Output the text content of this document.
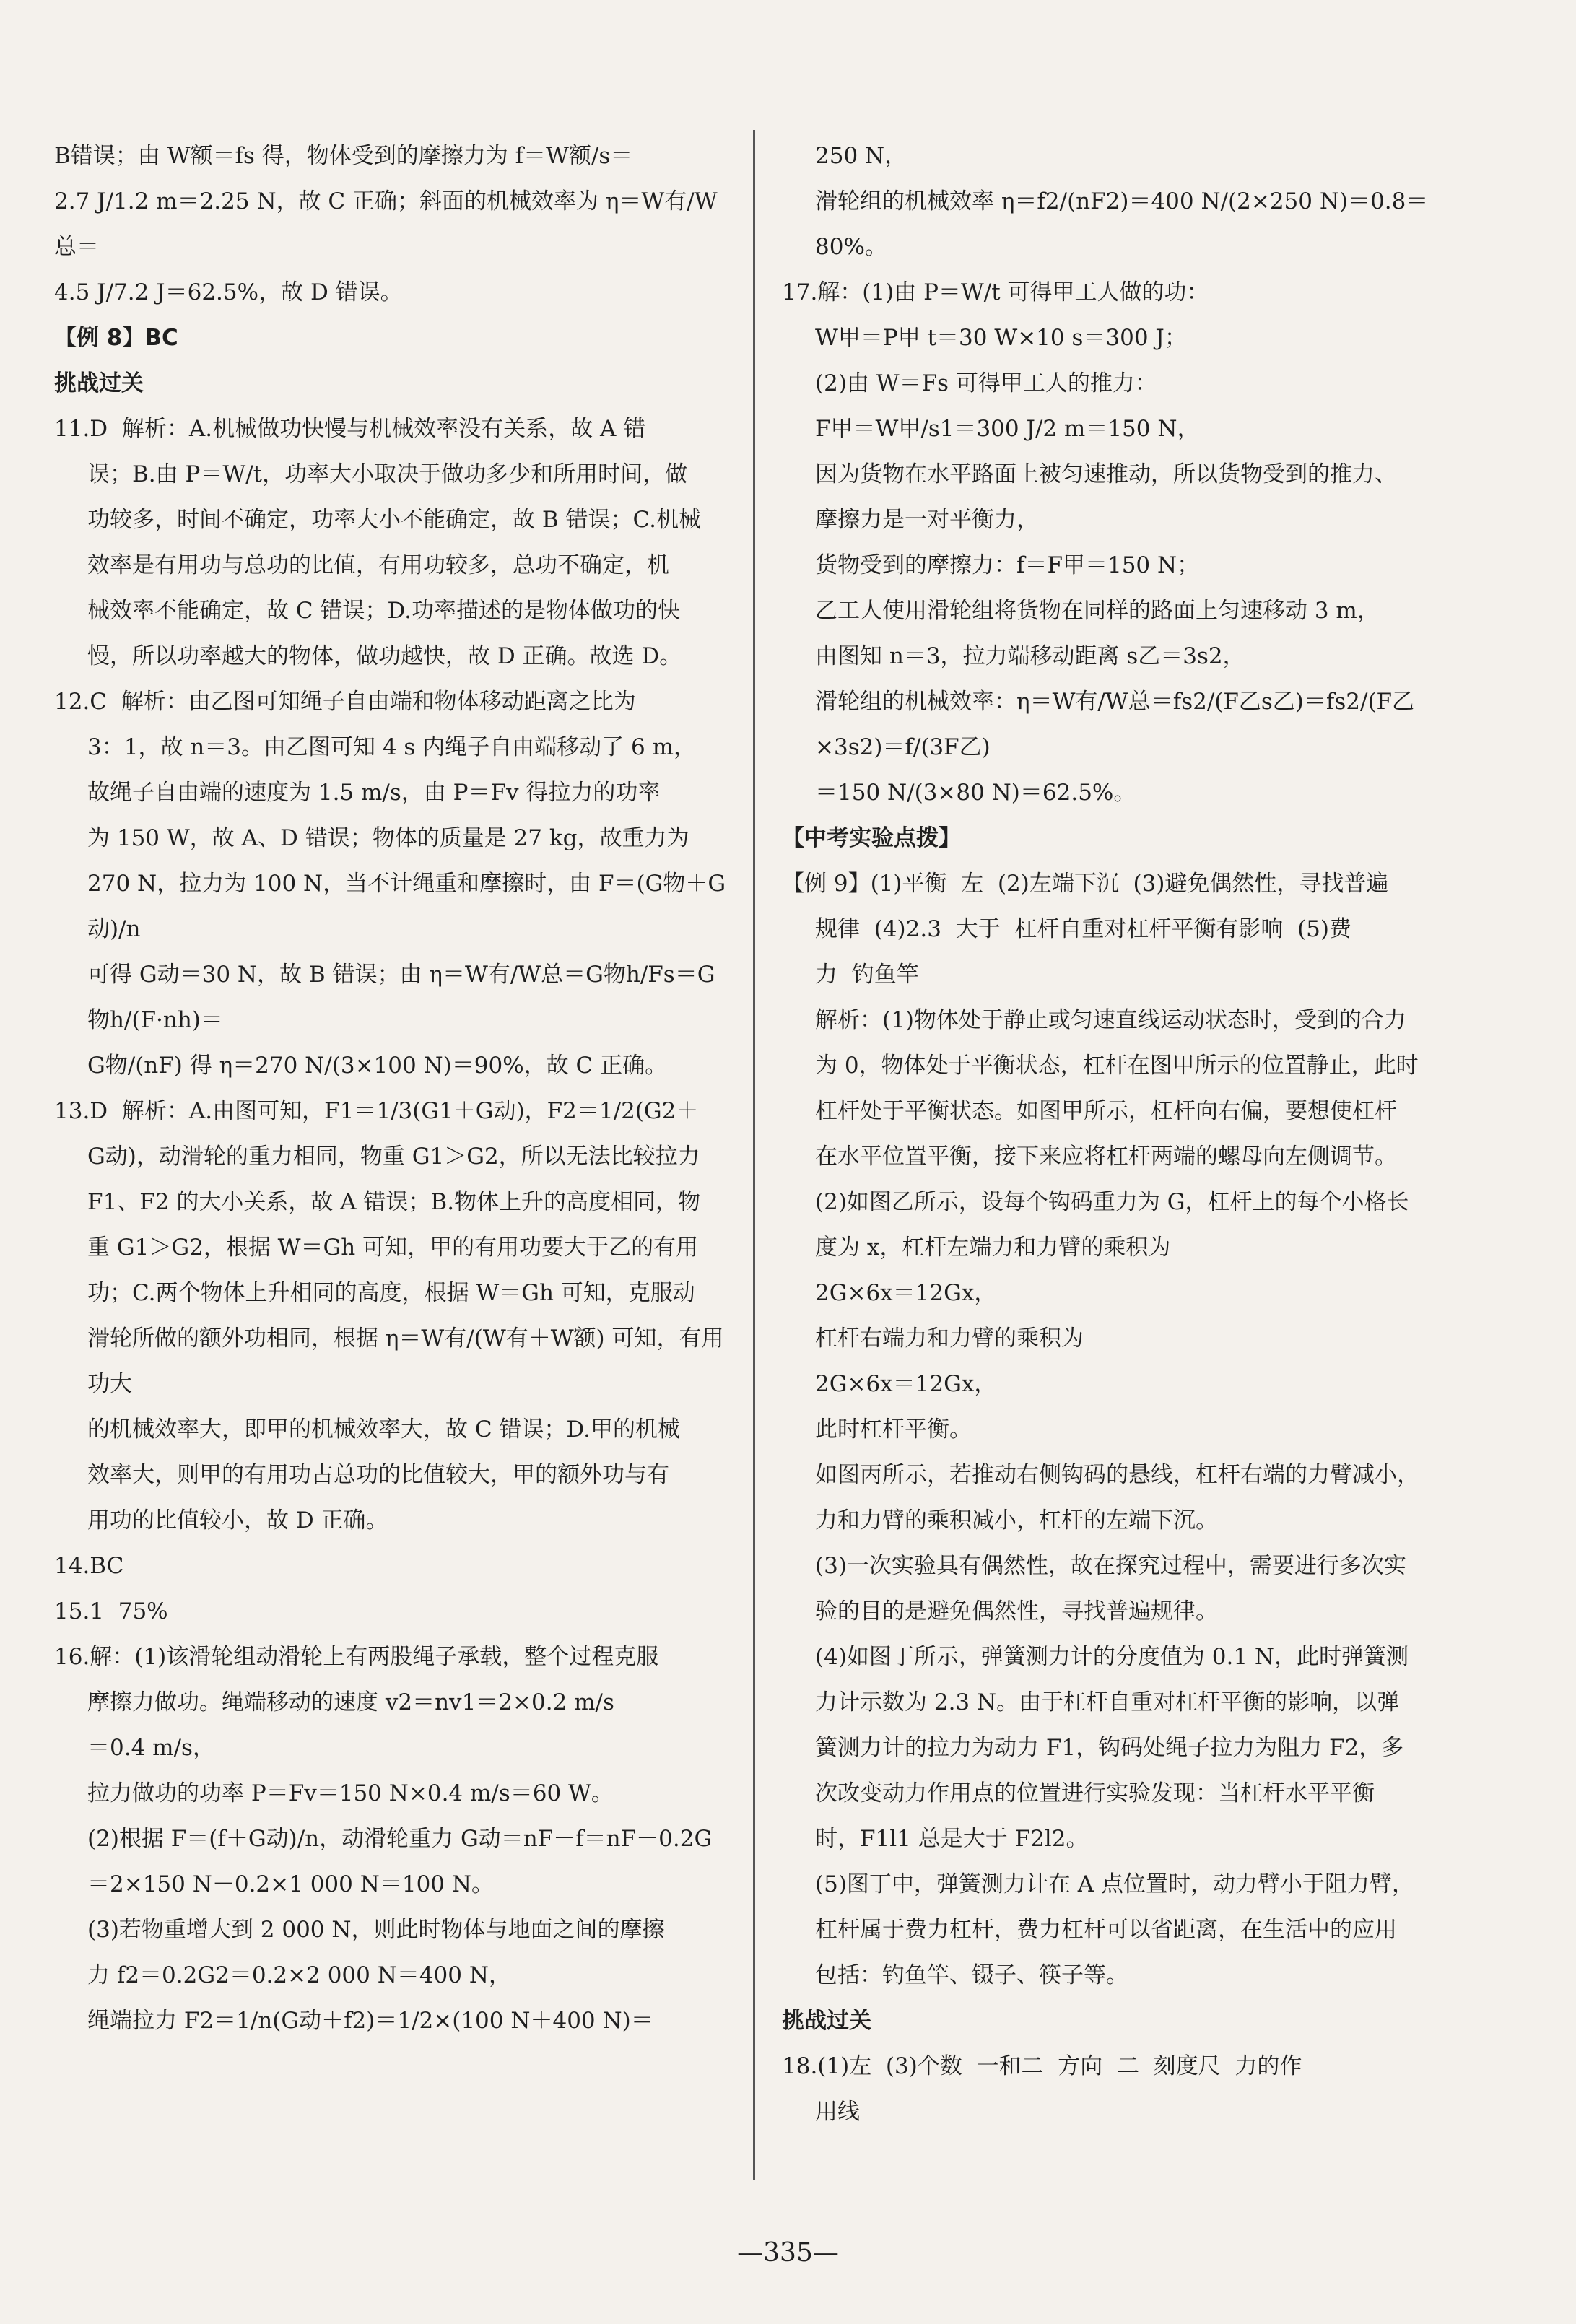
B错误；由 W额＝fs 得，物体受到的摩擦力为 f＝W额/s＝

2.7 J/1.2 m＝2.25 N，故 C 正确；斜面的机械效率为 η＝W有/W总＝

4.5 J/7.2 J＝62.5%，故 D 错误。

【例 8】BC

挑战过关

11.D  解析：A.机械做功快慢与机械效率没有关系，故 A 错

误；B.由 P＝W/t，功率大小取决于做功多少和所用时间，做

功较多，时间不确定，功率大小不能确定，故 B 错误；C.机械

效率是有用功与总功的比值，有用功较多，总功不确定，机

械效率不能确定，故 C 错误；D.功率描述的是物体做功的快

慢，所以功率越大的物体，做功越快，故 D 正确。故选 D。

12.C  解析：由乙图可知绳子自由端和物体移动距离之比为

3：1，故 n＝3。由乙图可知 4 s 内绳子自由端移动了 6 m，

故绳子自由端的速度为 1.5 m/s，由 P＝Fv 得拉力的功率

为 150 W，故 A、D 错误；物体的质量是 27 kg，故重力为

270 N，拉力为 100 N，当不计绳重和摩擦时，由 F＝(G物＋G动)/n

可得 G动＝30 N，故 B 错误；由 η＝W有/W总＝G物h/Fs＝G物h/(F·nh)＝

G物/(nF) 得 η＝270 N/(3×100 N)＝90%，故 C 正确。

13.D  解析：A.由图可知，F1＝1/3(G1＋G动)，F2＝1/2(G2＋

G动)，动滑轮的重力相同，物重 G1＞G2，所以无法比较拉力

F1、F2 的大小关系，故 A 错误；B.物体上升的高度相同，物

重 G1＞G2，根据 W＝Gh 可知，甲的有用功要大于乙的有用

功；C.两个物体上升相同的高度，根据 W＝Gh 可知，克服动

滑轮所做的额外功相同，根据 η＝W有/(W有＋W额) 可知，有用功大

的机械效率大，即甲的机械效率大，故 C 错误；D.甲的机械

效率大，则甲的有用功占总功的比值较大，甲的额外功与有

用功的比值较小，故 D 正确。

14.BC

15.1  75%

16.解：(1)该滑轮组动滑轮上有两股绳子承载，整个过程克服

摩擦力做功。绳端移动的速度 v2＝nv1＝2×0.2 m/s

＝0.4 m/s，

拉力做功的功率 P＝Fv＝150 N×0.4 m/s＝60 W。

(2)根据 F＝(f＋G动)/n，动滑轮重力 G动＝nF－f＝nF－0.2G

＝2×150 N－0.2×1 000 N＝100 N。

(3)若物重增大到 2 000 N，则此时物体与地面之间的摩擦

力 f2＝0.2G2＝0.2×2 000 N＝400 N，

绳端拉力 F2＝1/n(G动＋f2)＝1/2×(100 N＋400 N)＝

250 N，

滑轮组的机械效率 η＝f2/(nF2)＝400 N/(2×250 N)＝0.8＝80%。

17.解：(1)由 P＝W/t 可得甲工人做的功：

W甲＝P甲 t＝30 W×10 s＝300 J；

(2)由 W＝Fs 可得甲工人的推力：

F甲＝W甲/s1＝300 J/2 m＝150 N，

因为货物在水平路面上被匀速推动，所以货物受到的推力、

摩擦力是一对平衡力，

货物受到的摩擦力：f＝F甲＝150 N；

乙工人使用滑轮组将货物在同样的路面上匀速移动 3 m，

由图知 n＝3，拉力端移动距离 s乙＝3s2，

滑轮组的机械效率：η＝W有/W总＝fs2/(F乙s乙)＝fs2/(F乙×3s2)＝f/(3F乙)

＝150 N/(3×80 N)＝62.5%。

【中考实验点拨】

【例 9】(1)平衡  左  (2)左端下沉  (3)避免偶然性，寻找普遍

规律  (4)2.3  大于  杠杆自重对杠杆平衡有影响  (5)费

力  钓鱼竿

解析：(1)物体处于静止或匀速直线运动状态时，受到的合力

为 0，物体处于平衡状态，杠杆在图甲所示的位置静止，此时

杠杆处于平衡状态。如图甲所示，杠杆向右偏，要想使杠杆

在水平位置平衡，接下来应将杠杆两端的螺母向左侧调节。

(2)如图乙所示，设每个钩码重力为 G，杠杆上的每个小格长

度为 x，杠杆左端力和力臂的乘积为

2G×6x＝12Gx，

杠杆右端力和力臂的乘积为

2G×6x＝12Gx，

此时杠杆平衡。

如图丙所示，若推动右侧钩码的悬线，杠杆右端的力臂减小，

力和力臂的乘积减小，杠杆的左端下沉。

(3)一次实验具有偶然性，故在探究过程中，需要进行多次实

验的目的是避免偶然性，寻找普遍规律。

(4)如图丁所示，弹簧测力计的分度值为 0.1 N，此时弹簧测

力计示数为 2.3 N。由于杠杆自重对杠杆平衡的影响，以弹

簧测力计的拉力为动力 F1，钩码处绳子拉力为阻力 F2，多

次改变动力作用点的位置进行实验发现：当杠杆水平平衡

时，F1l1 总是大于 F2l2。

(5)图丁中，弹簧测力计在 A 点位置时，动力臂小于阻力臂，

杠杆属于费力杠杆，费力杠杆可以省距离，在生活中的应用

包括：钓鱼竿、镊子、筷子等。

挑战过关

18.(1)左  (3)个数  一和二  方向  二  刻度尺  力的作

用线

—335—
